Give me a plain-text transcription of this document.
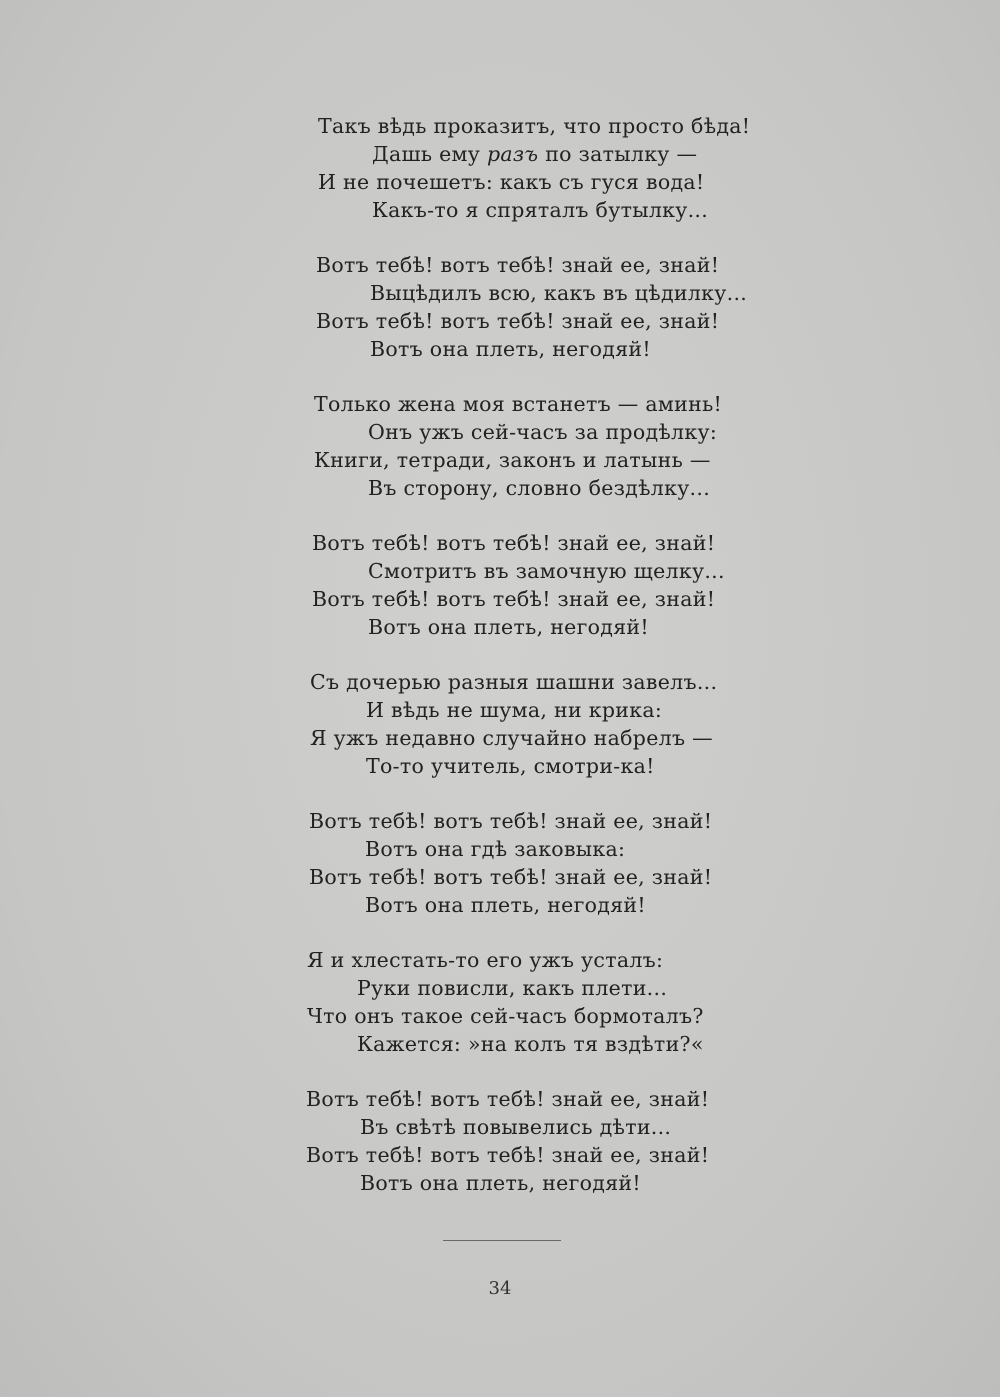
Такъ вѣдь проказитъ, что просто бѣда!
Дашь ему разъ по затылку —
И не почешетъ: какъ съ гуся вода!
Какъ-то я спряталъ бутылку...
Вотъ тебѣ! вотъ тебѣ! знай ее, знай!
Выцѣдилъ всю, какъ въ цѣдилку...
Вотъ тебѣ! вотъ тебѣ! знай ее, знай!
Вотъ она плеть, негодяй!
Только жена моя встанетъ — аминь!
Онъ ужъ сей-часъ за продѣлку:
Книги, тетради, законъ и латынь —
Въ сторону, словно бездѣлку...
Вотъ тебѣ! вотъ тебѣ! знай ее, знай!
Смотритъ въ замочную щелку...
Вотъ тебѣ! вотъ тебѣ! знай ее, знай!
Вотъ она плеть, негодяй!
Съ дочерью разныя шашни завелъ...
И вѣдь не шума, ни крика:
Я ужъ недавно случайно набрелъ —
То-то учитель, смотри-ка!
Вотъ тебѣ! вотъ тебѣ! знай ее, знай!
Вотъ она гдѣ заковыка:
Вотъ тебѣ! вотъ тебѣ! знай ее, знай!
Вотъ она плеть, негодяй!
Я и хлестать-то его ужъ усталъ:
Руки повисли, какъ плети...
Что онъ такое сей-часъ бормоталъ?
Кажется: »на колъ тя вздѣти?«
Вотъ тебѣ! вотъ тебѣ! знай ее, знай!
Въ свѣтѣ повывелись дѣти...
Вотъ тебѣ! вотъ тебѣ! знай ее, знай!
Вотъ она плеть, негодяй!
34
